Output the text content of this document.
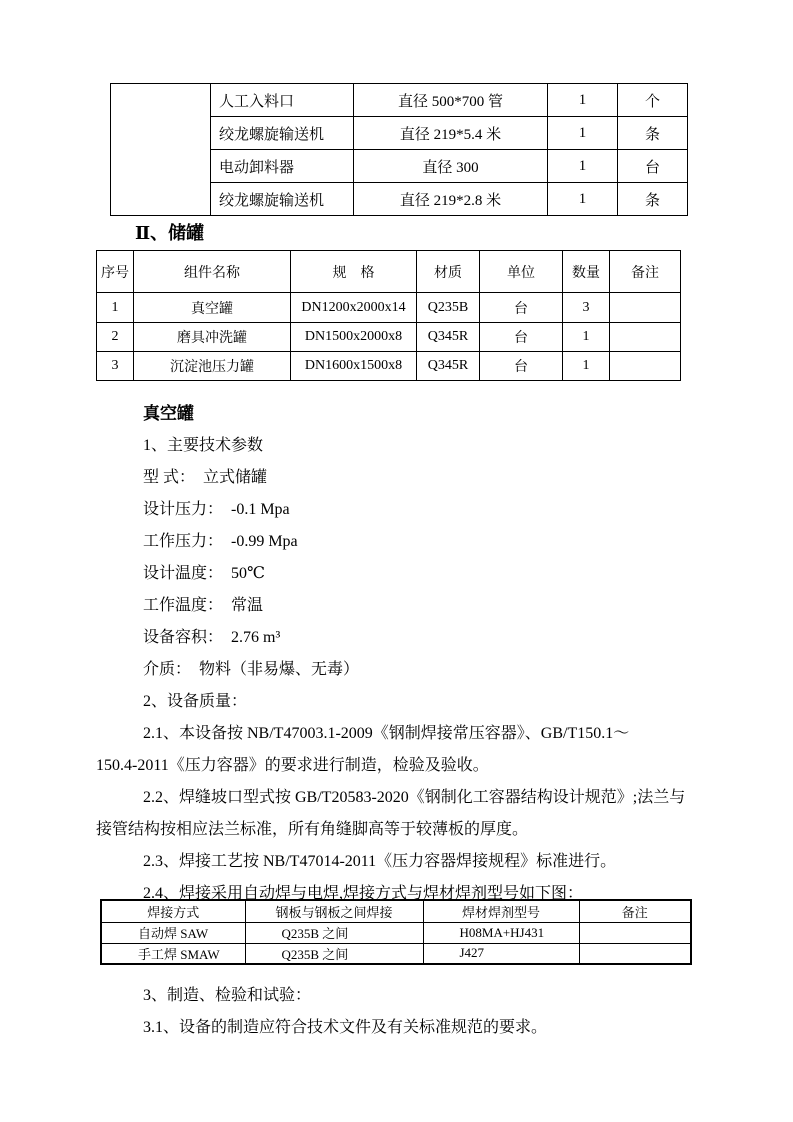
	人工入料口	直径 500*700 管	1	个
	绞龙螺旋输送机	直径 219*5.4 米	1	条
	电动卸料器	直径 300	1	台
	绞龙螺旋输送机	直径 219*2.8 米	1	条
Ⅱ、储罐
序号	组件名称	规　格	材质	单位	数量	备注
1	真空罐	DN1200x2000x14	Q235B	台	3	
2	磨具冲洗罐	DN1500x2000x8	Q345R	台	1	
3	沉淀池压力罐	DN1600x1500x8	Q345R	台	1	
真空罐
1、主要技术参数
型 式：  立式储罐
设计压力：  -0.1 Mpa
工作压力：  -0.99 Mpa
设计温度：  50℃
工作温度：  常温
设备容积：  2.76 m³
介质：  物料（非易爆、无毒）
2、设备质量：
2.1、本设备按 NB/T47003.1-2009《钢制焊接常压容器》、GB/T150.1～
150.4-2011《压力容器》的要求进行制造，检验及验收。
2.2、焊缝坡口型式按 GB/T20583-2020《钢制化工容器结构设计规范》;法兰与
接管结构按相应法兰标准，所有角缝脚高等于较薄板的厚度。
2.3、焊接工艺按 NB/T47014-2011《压力容器焊接规程》标准进行。
2.4、焊接采用自动焊与电焊,焊接方式与焊材焊剂型号如下图：
焊接方式	钢板与钢板之间焊接	焊材焊剂型号	备注
自动焊 SAW	Q235B 之间	H08MA+HJ431	
手工焊 SMAW	Q235B 之间	J427	
3、制造、检验和试验：
3.1、设备的制造应符合技术文件及有关标准规范的要求。
